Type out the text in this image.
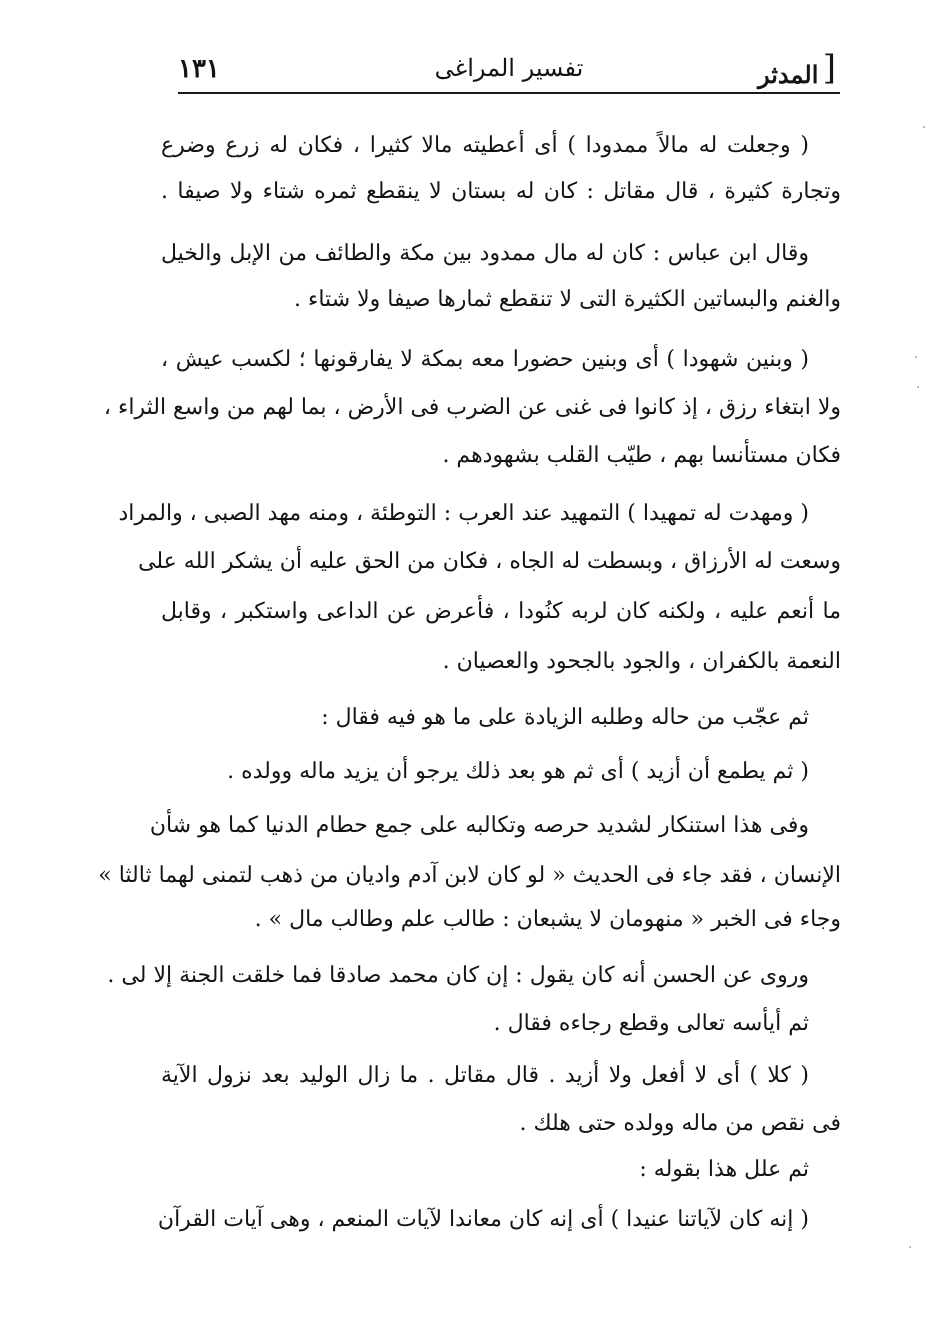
المدثر ]
تفسير المراغى
١٣١
( وجعلت له مالاً ممدودا ) أى أعطيته مالا كثيرا ، فكان له زرع وضرع
وتجارة كثيرة ، قال مقاتل : كان له بستان لا ينقطع ثمره شتاء ولا صيفا .
وقال ابن عباس : كان له مال ممدود بين مكة والطائف من الإبل والخيل
والغنم والبساتين الكثيرة التى لا تنقطع ثمارها صيفا ولا شتاء .
( وبنين شهودا ) أى وبنين حضورا معه بمكة لا يفارقونها ؛ لكسب عيش ،
ولا ابتغاء رزق ، إذ كانوا فى غنى عن الضرب فى الأرض ، بما لهم من واسع الثراء ،
فكان مستأنسا بهم ، طيّب القلب بشهودهم .
( ومهدت له تمهيدا ) التمهيد عند العرب : التوطئة ، ومنه مهد الصبى ، والمراد
وسعت له الأرزاق ، وبسطت له الجاه ، فكان من الحق عليه أن يشكر الله على
ما أنعم عليه ، ولكنه كان لربه كنُودا ، فأعرض عن الداعى واستكبر ، وقابل
النعمة بالكفران ، والجود بالجحود والعصيان .
ثم عجّب من حاله وطلبه الزيادة على ما هو فيه فقال :
( ثم يطمع أن أزيد ) أى ثم هو بعد ذلك يرجو أن يزيد ماله وولده .
وفى هذا استنكار لشديد حرصه وتكالبه على جمع حطام الدنيا كما هو شأن
الإنسان ، فقد جاء فى الحديث « لو كان لابن آدم واديان من ذهب لتمنى لهما ثالثا »
وجاء فى الخبر « منهومان لا يشبعان : طالب علم وطالب مال » .
وروى عن الحسن أنه كان يقول : إن كان محمد صادقا فما خلقت الجنة إلا لى .
ثم أيأسه تعالى وقطع رجاءه فقال .
( كلا ) أى لا أفعل ولا أزيد . قال مقاتل . ما زال الوليد بعد نزول الآية
فى نقص من ماله وولده حتى هلك .
ثم علل هذا بقوله :
( إنه كان لآياتنا عنيدا ) أى إنه كان معاندا لآيات المنعم ، وهى آيات القرآن
·
·
·
·
